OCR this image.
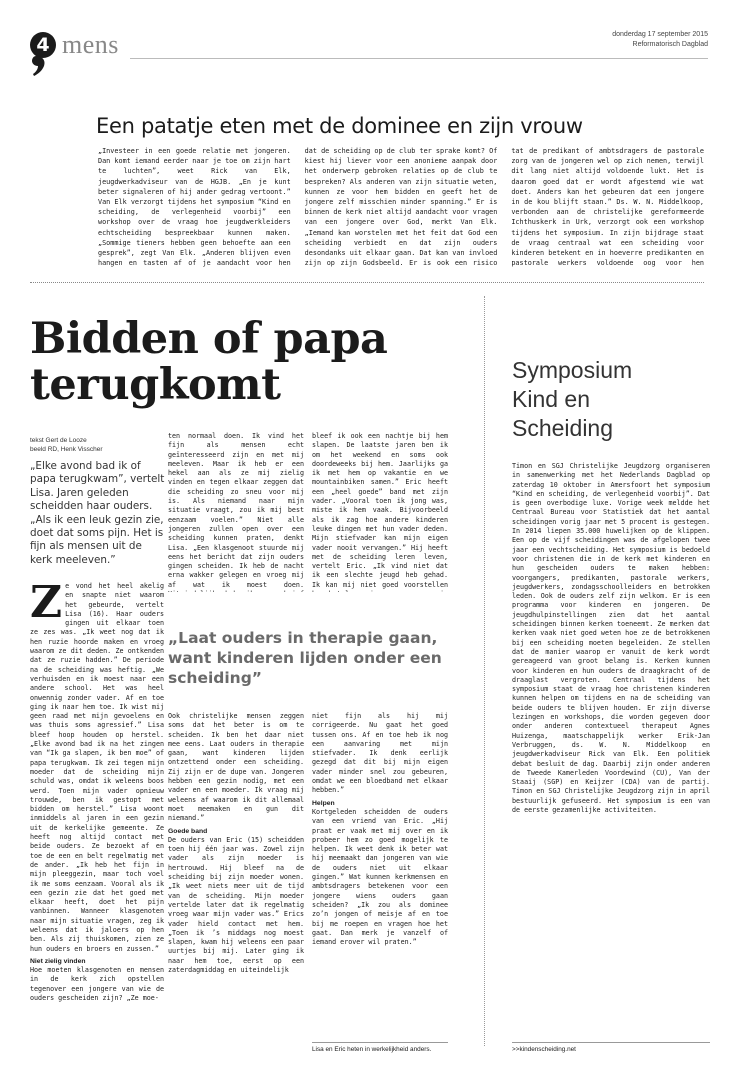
4 mens	donderdag 17 september 2015
Reformatorisch Dagblad
Een patatje eten met de dominee en zijn vrouw
„Investeer in een goede relatie met jongeren. Dan komt iemand eerder naar je toe om zijn hart te luchten”, weet Rick van Elk, jeugdwerkadviseur van de HGJB. „En je kunt beter signaleren of hij ander gedrag vertoont.” Van Elk verzorgt tijdens het symposium “Kind en scheiding, de verlegenheid voorbij” een workshop over de vraag hoe jeugdwerkleiders echtscheiding bespreekbaar kunnen maken. „Sommige tieners hebben geen behoefte aan een gesprek”, zegt Van Elk. „Anderen blijven even hangen en tasten af of je aandacht voor hen
dat de scheiding op de club ter sprake komt? Of kiest hij liever voor een anonieme aanpak door het onderwerp gebroken relaties op de club te bespreken? Als anderen van zijn situatie weten, kunnen ze voor hem bidden en geeft het de jongere zelf misschien minder spanning.” Er is binnen de kerk niet altijd aandacht voor vragen van een jongere over God, merkt Van Elk. „Iemand kan worstelen met het feit dat God een scheiding verbiedt en dat zijn ouders desondanks uit elkaar gaan. Dat kan van invloed zijn op zijn Godsbeeld. Er is ook een risico
tat de predikant of ambtsdragers de pastorale zorg van de jongeren wel op zich nemen, terwijl dit lang niet altijd voldoende lukt. Het is daarom goed dat er wordt afgestemd wie wat doet. Anders kan het gebeuren dat een jongere in de kou blijft staan.” Ds. W. N. Middelkoop, verbonden aan de christelijke gereformeerde Ichthuskerk in Urk, verzorgt ook een workshop tijdens het symposium. In zijn bijdrage staat de vraag centraal wat een scheiding voor kinderen betekent en in hoeverre predikanten en pastorale werkers voldoende oog voor hen
Bidden of papa
terugkomt
tekst Gert de Looze
beeld RD, Henk Visscher
„Elke avond bad ik of papa terugkwam”, vertelt Lisa. Jaren geleden scheidden haar ouders. „Als ik een leuk gezin zie, doet dat soms pijn. Het is fijn als mensen uit de kerk meeleven.”
Z e vond het heel akelig en snapte niet waarom het gebeurde, vertelt Lisa (16). Haar ouders gingen uit elkaar toen ze zes was. „Ik weet nog dat ik hen ruzie hoorde maken en vroeg waarom ze dit deden. Ze ontkenden dat ze ruzie hadden.” De periode na de scheiding was heftig. „We verhuisden en ik moest naar een andere school. Het was heel onwennig zonder vader. Af en toe ging ik naar hem toe. Ik wist mij geen raad met mijn gevoelens en was thuis soms agressief.” Lisa bleef hoop houden op herstel. „Elke avond bad ik na het zingen van “Ik ga slapen, ik ben moe” of papa terugkwam. Ik zei tegen mijn moeder dat de scheiding mijn schuld was, omdat ik weleens boos werd. Toen mijn vader opnieuw trouwde, ben ik gestopt met bidden om herstel.” Lisa woont inmiddels al jaren in een gezin uit de kerkelijke gemeente. Ze heeft nog altijd contact met beide ouders. Ze bezoekt af en toe de een en belt regelmatig met de ander. „Ik heb het fijn in mijn pleeggezin, maar toch voel ik me soms eenzaam. Vooral als ik een gezin zie dat het goed met elkaar heeft, doet het pijn vanbinnen. Wanneer klasgenoten naar mijn situatie vragen, zeg ik weleens dat ik jaloers op hen ben. Als zij thuiskomen, zien ze hun ouders en broers en zussen.”
Niet zielig vinden
Hoe moeten klasgenoten en mensen in de kerk zich opstellen tegenover een jongere van wie de ouders gescheiden zijn? „Ze moe-
ten normaal doen. Ik vind het fijn als mensen echt geïnteresseerd zijn en met mij meeleven. Maar ik heb er een hekel aan als ze mij zielig vinden en tegen elkaar zeggen dat die scheiding zo sneu voor mij is. Als niemand naar mijn situatie vraagt, zou ik mij best eenzaam voelen.” Niet alle jongeren zullen open over een scheiding kunnen praten, denkt Lisa. „Een klasgenoot stuurde mij eens het bericht dat zijn ouders gingen scheiden. Ik heb de nacht erna wakker gelegen en vroeg mij af wat ik moest doen.
bleef ik ook een nachtje bij hem slapen. De laatste jaren ben ik om het weekend en soms ook doordeweeks bij hem. Jaarlijks ga ik met hem op vakantie en we mountainbiken samen.” Eric heeft een „heel goede” band met zijn vader. „Vooral toen ik jong was, miste ik hem vaak. Bijvoorbeeld als ik zag hoe andere kinderen leuke dingen met hun vader deden. Mijn stiefvader kan mijn eigen vader nooit vervangen.” Hij heeft met de scheiding leren leven, vertelt Eric. „Ik vind niet dat ik een slechte jeugd heb gehad. Ik kan mij niet goed voorstellen
„Laat ouders in therapie gaan, want kinderen lijden onder een scheiding”
Ook christelijke mensen zeggen soms dat het beter is om te scheiden. Ik ben het daar niet mee eens. Laat ouders in therapie gaan, want kinderen lijden ontzettend onder een scheiding. Zij zijn er de dupe van. Jongeren hebben een gezin nodig, met een vader en een moeder. Ik vraag mij weleens af waarom ik dit allemaal moet meemaken en gun dit niemand.”
Goede band
De ouders van Eric (15) scheidden toen hij één jaar was. Zowel zijn vader als zijn moeder is hertrouwd. Hij bleef na de scheiding bij zijn moeder wonen. „Ik weet niets meer uit de tijd van de scheiding. Mijn moeder vertelde later dat ik regelmatig vroeg waar mijn vader was.” Erics vader hield contact met hem. „Toen ik ’s middags nog moest slapen, kwam hij weleens een paar uurtjes bij mij. Later ging ik naar hem toe, eerst op een zaterdagmiddag en uiteindelijk
niet fijn als hij mij corrigeerde. Nu gaat het goed tussen ons. Af en toe heb ik nog een aanvaring met mijn stiefvader. Ik denk eerlijk gezegd dat dit bij mijn eigen vader minder snel zou gebeuren, omdat we een bloedband met elkaar hebben.”
Helpen
Kortgeleden scheidden de ouders van een vriend van Eric. „Hij praat er vaak met mij over en ik probeer hem zo goed mogelijk te helpen. Ik weet denk ik beter wat hij meemaakt dan jongeren van wie de ouders niet uit elkaar gingen.” Wat kunnen kerkmensen en ambtsdragers betekenen voor een jongere wiens ouders gaan scheiden? „Ik zou als dominee zo’n jongen of meisje af en toe bij me roepen en vragen hoe het gaat. Dan merk je vanzelf of iemand erover wil praten.”
Lisa en Eric heten in werkelijkheid anders.
Symposium
Kind en
Scheiding
Timon en SGJ Christelijke Jeugdzorg organiseren in samenwerking met het Nederlands Dagblad op zaterdag 10 oktober in Amersfoort het symposium “Kind en scheiding, de verlegenheid voorbij”. Dat is geen overbodige luxe. Vorige week meldde het Centraal Bureau voor Statistiek dat het aantal scheidingen vorig jaar met 5 procent is gestegen. In 2014 liepen 35.000 huwelijken op de klippen. Een op de vijf scheidingen was de afgelopen twee jaar een vechtscheiding. Het symposium is bedoeld voor christenen die in de kerk met kinderen en hun gescheiden ouders te maken hebben: voorgangers, predikanten, pastorale werkers, jeugdwerkers, zondagsschoolleiders en betrokken leden. Ook de ouders zelf zijn welkom. Er is een programma voor kinderen en jongeren. De jeugdhulpinstellingen zien dat het aantal scheidingen binnen kerken toeneemt. Ze merken dat kerken vaak niet goed weten hoe ze de betrokkenen bij een scheiding moeten begeleiden. Ze stellen dat de manier waarop er vanuit de kerk wordt gereageerd van groot belang is. Kerken kunnen voor kinderen en hun ouders de draagkracht of de draaglast vergroten. Centraal tijdens het symposium staat de vraag hoe christenen kinderen kunnen helpen om tijdens en na de scheiding van beide ouders te blijven houden. Er zijn diverse lezingen en workshops, die worden gegeven door onder anderen contextueel therapeut Agnes Huizenga, maatschappelijk werker Erik-Jan Verbruggen, ds. W. N. Middelkoop en jeugdwerkadviseur Rick van Elk. Een politiek debat besluit de dag. Daarbij zijn onder anderen de Tweede Kamerleden Voordewind (CU), Van der Staaij (SGP) en Keijzer (CDA) van de partij. Timon en SGJ Christelijke Jeugdzorg zijn in april bestuurlijk gefuseerd. Het symposium is een van de eerste gezamenlijke activiteiten.
>>kindenscheiding.net
